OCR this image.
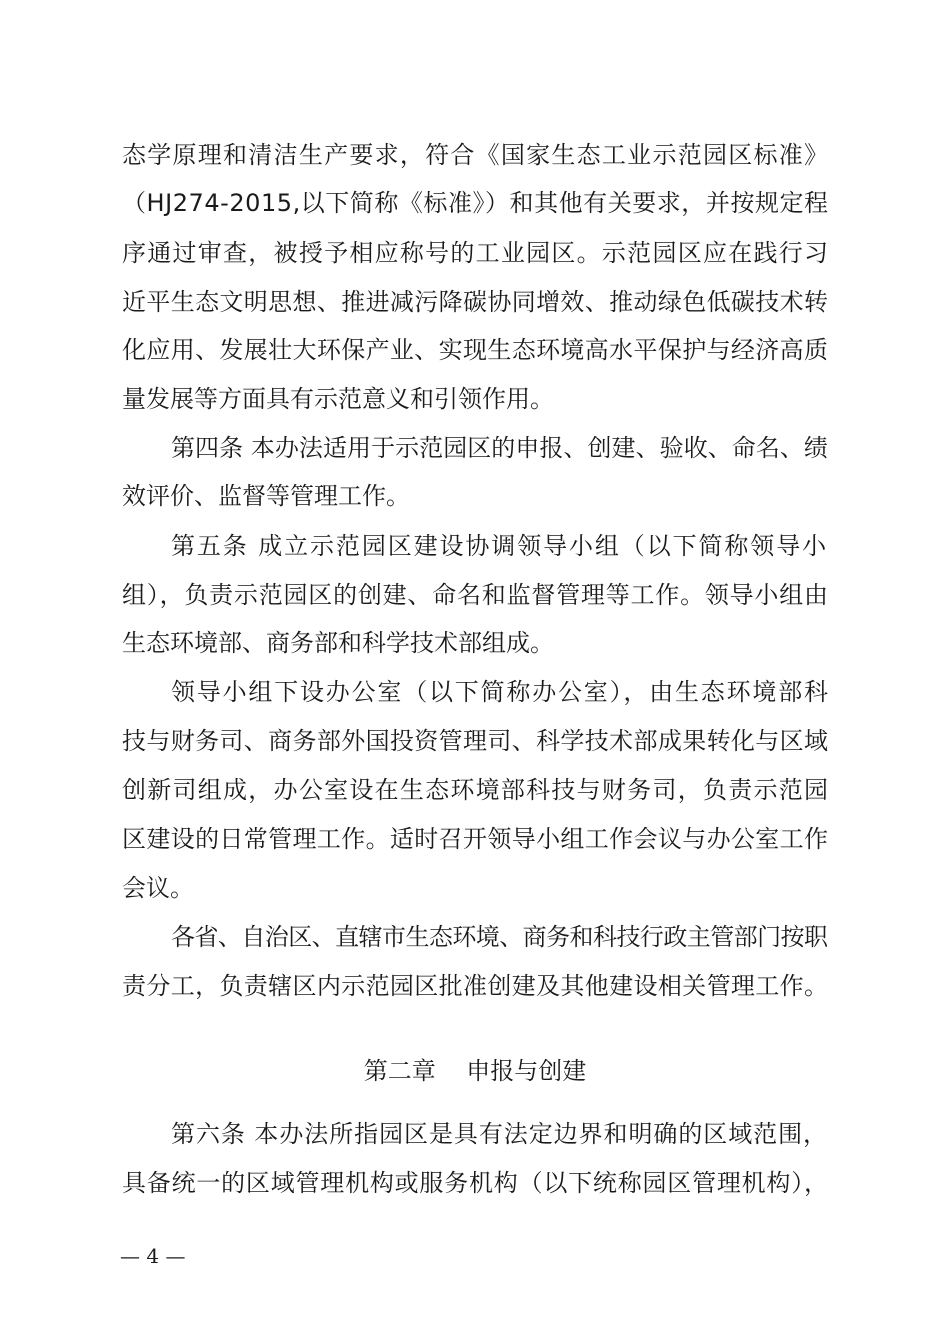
态学原理和清洁生产要求，符合《国家生态工业示范园区标准》
（HJ274-2015,以下简称《标准》）和其他有关要求，并按规定程
序通过审查，被授予相应称号的工业园区。示范园区应在践行习
近平生态文明思想、推进减污降碳协同增效、推动绿色低碳技术转
化应用、发展壮大环保产业、实现生态环境高水平保护与经济高质
量发展等方面具有示范意义和引领作用。
第四条 本办法适用于示范园区的申报、创建、验收、命名、绩
效评价、监督等管理工作。
第五条 成立示范园区建设协调领导小组（以下简称领导小
组），负责示范园区的创建、命名和监督管理等工作。领导小组由
生态环境部、商务部和科学技术部组成。
领导小组下设办公室（以下简称办公室），由生态环境部科
技与财务司、商务部外国投资管理司、科学技术部成果转化与区域
创新司组成，办公室设在生态环境部科技与财务司，负责示范园
区建设的日常管理工作。适时召开领导小组工作会议与办公室工作
会议。
各省、自治区、直辖市生态环境、商务和科技行政主管部门按职
责分工，负责辖区内示范园区批准创建及其他建设相关管理工作。
第二章    申报与创建
第六条 本办法所指园区是具有法定边界和明确的区域范围，
具备统一的区域管理机构或服务机构（以下统称园区管理机构），
— 4 —
